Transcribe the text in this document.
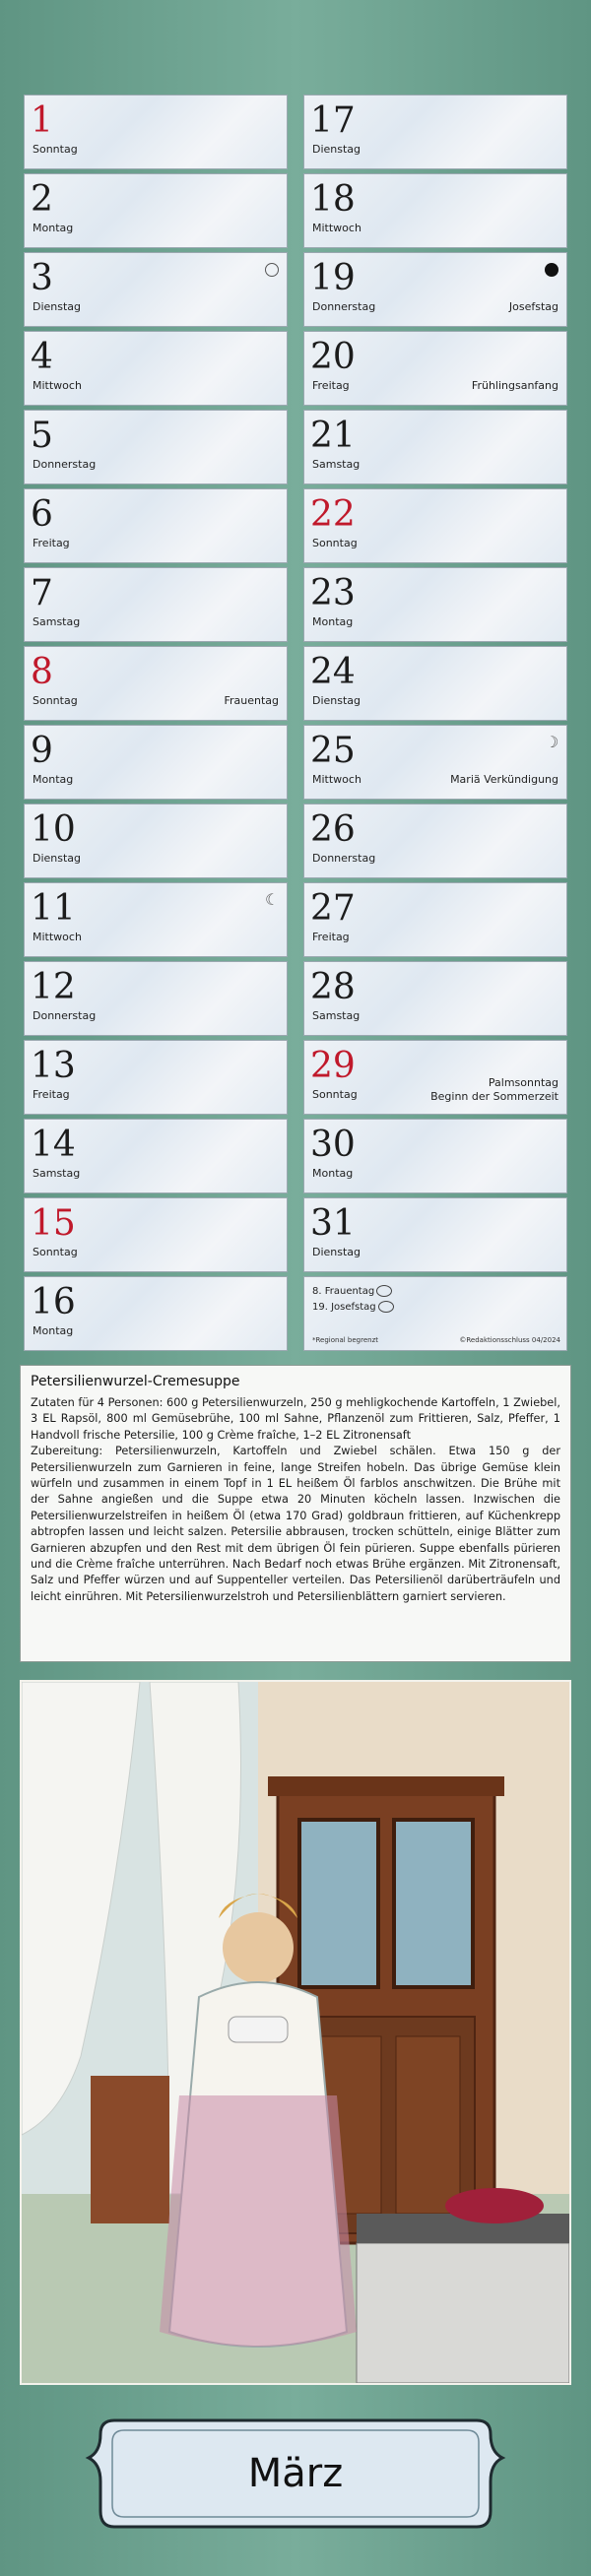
1
Sonntag
2
Montag
3
Dienstag
4
Mittwoch
5
Donnerstag
6
Freitag
7
Samstag
8
Sonntag	Frauentag
9
Montag
10
Dienstag
11
Mittwoch
☾
12
Donnerstag
13
Freitag
14
Samstag
15
Sonntag
16
Montag
17
Dienstag
18
Mittwoch
19
Donnerstag	Josefstag
20
Freitag	Frühlingsanfang
21
Samstag
22
Sonntag
23
Montag
24
Dienstag
25
Mittwoch	Mariä Verkündigung
☽
26
Donnerstag
27
Freitag
28
Samstag
29
Sonntag
Palmsonntag
Beginn der Sommerzeit
30
Montag
31
Dienstag
8. Frauentag
19. Josefstag
*Regional begrenzt	©Redaktionsschluss 04/2024
Petersilienwurzel-Cremesuppe

Zutaten für 4 Personen: 600 g Petersilienwurzeln, 250 g mehligkochende Kartoffeln, 1 Zwiebel, 3 EL Rapsöl, 800 ml Gemüsebrühe, 100 ml Sahne, Pflanzenöl zum Frittieren, Salz, Pfeffer, 1 Handvoll frische Petersilie, 100 g Crème fraîche, 1–2 EL Zitronensaft

Zubereitung: Petersilienwurzeln, Kartoffeln und Zwiebel schälen. Etwa 150 g der Petersilienwurzeln zum Garnieren in feine, lange Streifen hobeln. Das übrige Gemüse klein würfeln und zusammen in einem Topf in 1 EL heißem Öl farblos anschwitzen. Die Brühe mit der Sahne angießen und die Suppe etwa 20 Minuten köcheln lassen. Inzwischen die Petersilienwurzelstreifen in heißem Öl (etwa 170 Grad) goldbraun frittieren, auf Küchenkrepp abtropfen lassen und leicht salzen. Petersilie abbrausen, trocken schütteln, einige Blätter zum Garnieren abzupfen und den Rest mit dem übrigen Öl fein pürieren. Suppe ebenfalls pürieren und die Crème fraîche unterrühren. Nach Bedarf noch etwas Brühe ergänzen. Mit Zitronensaft, Salz und Pfeffer würzen und auf Suppenteller verteilen. Das Petersilienöl darüberträufeln und leicht einrühren. Mit Petersilienwurzelstroh und Petersilienblättern garniert servieren.

März
